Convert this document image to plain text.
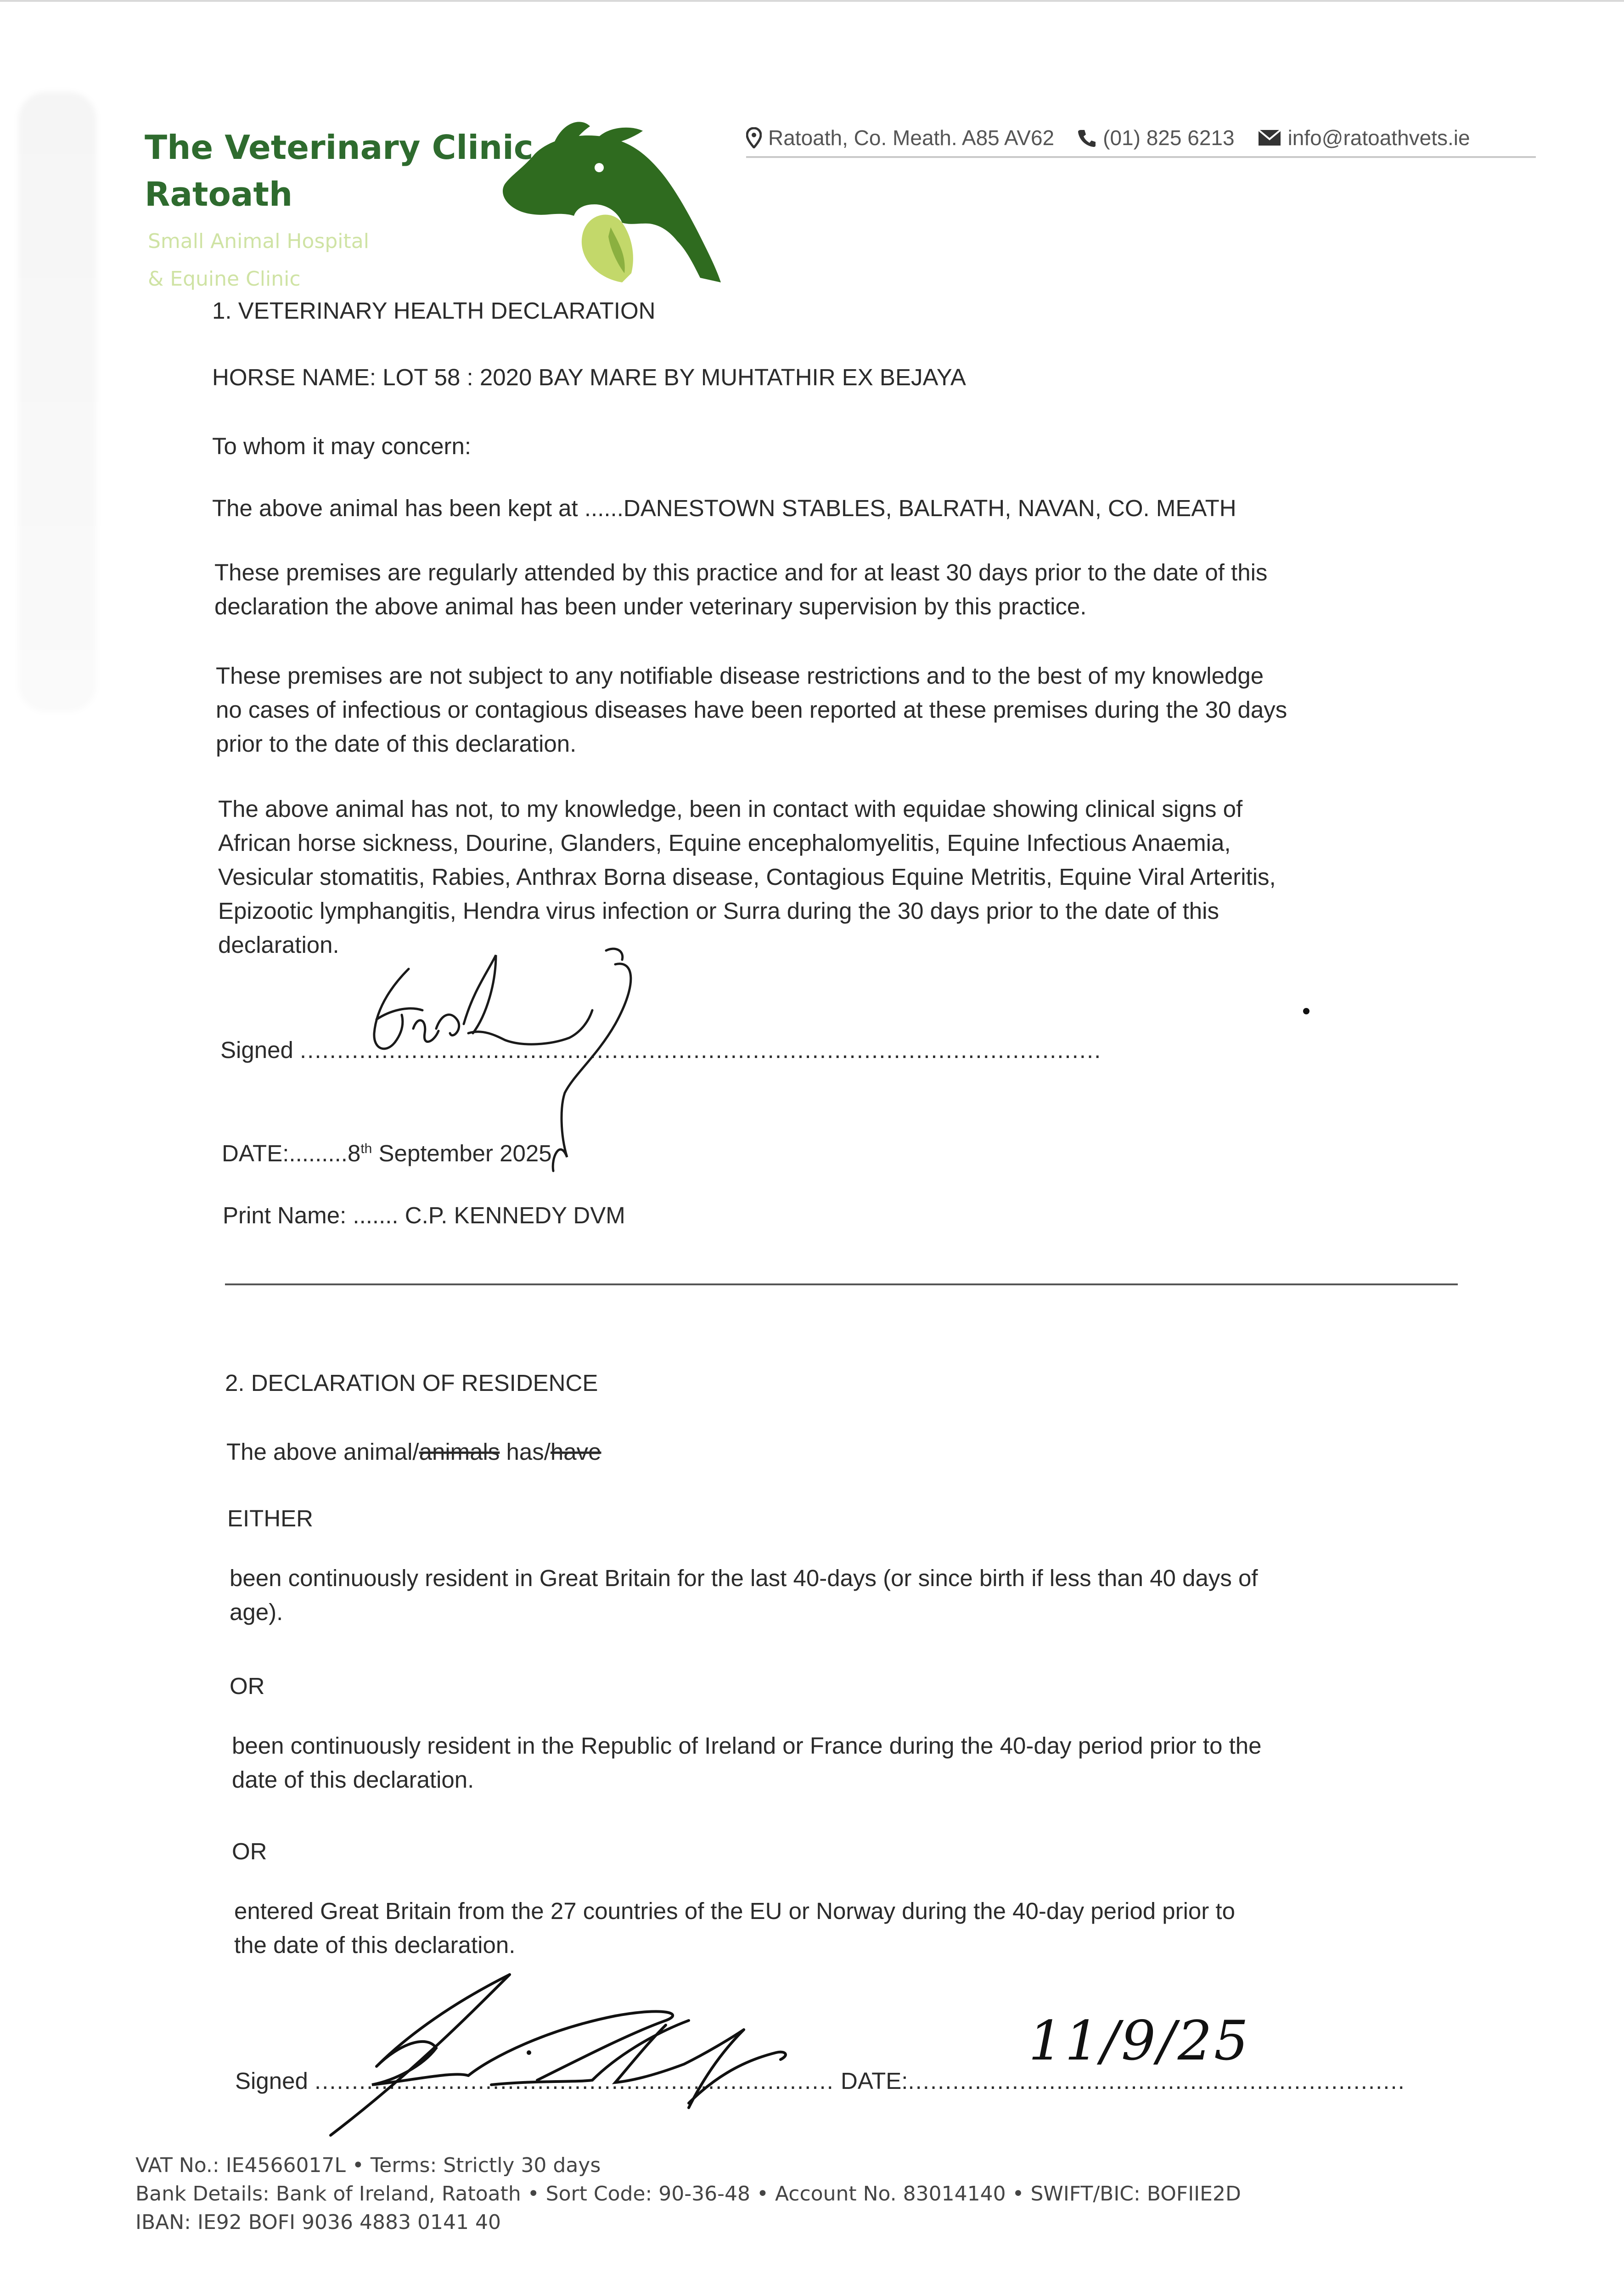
The Veterinary Clinic
Ratoath
Small Animal Hospital
& Equine Clinic
Ratoath, Co. Meath. A85 AV62 (01) 825 6213	info@ratoathvets.ie
1. VETERINARY HEALTH DECLARATION
HORSE NAME: LOT 58 : 2020 BAY MARE BY MUHTATHIR EX BEJAYA
To whom it may concern:
The above animal has been kept at ......DANESTOWN STABLES, BALRATH, NAVAN, CO. MEATH
These premises are regularly attended by this practice and for at least 30 days prior to the date of this
declaration the above animal has been under veterinary supervision by this practice.
These premises are not subject to any notifiable disease restrictions and to the best of my knowledge
no cases of infectious or contagious diseases have been reported at these premises during the 30 days
prior to the date of this declaration.
The above animal has not, to my knowledge, been in contact with equidae showing clinical signs of
African horse sickness, Dourine, Glanders, Equine encephalomyelitis, Equine Infectious Anaemia,
Vesicular stomatitis, Rabies, Anthrax Borna disease, Contagious Equine Metritis, Equine Viral Arteritis,
Epizootic lymphangitis, Hendra virus infection or Surra during the 30 days prior to the date of this
declaration.
Signed ............................................................................................................
DATE:.........8th September 2025
Print Name: ....... C.P. KENNEDY DVM
2. DECLARATION OF RESIDENCE
The above animal/animals has/have
EITHER
been continuously resident in Great Britain for the last 40-days (or since birth if less than 40 days of
age).
OR
been continuously resident in the Republic of Ireland or France during the 40-day period prior to the
date of this declaration.
OR
entered Great Britain from the 27 countries of the EU or Norway during the 40-day period prior to
the date of this declaration.
Signed ...................................................................... DATE:...................................................................
11/9/25
VAT No.: IE4566017L • Terms: Strictly 30 days
Bank Details: Bank of Ireland, Ratoath • Sort Code: 90-36-48 • Account No. 83014140 • SWIFT/BIC: BOFIIE2D
IBAN: IE92 BOFI 9036 4883 0141 40
